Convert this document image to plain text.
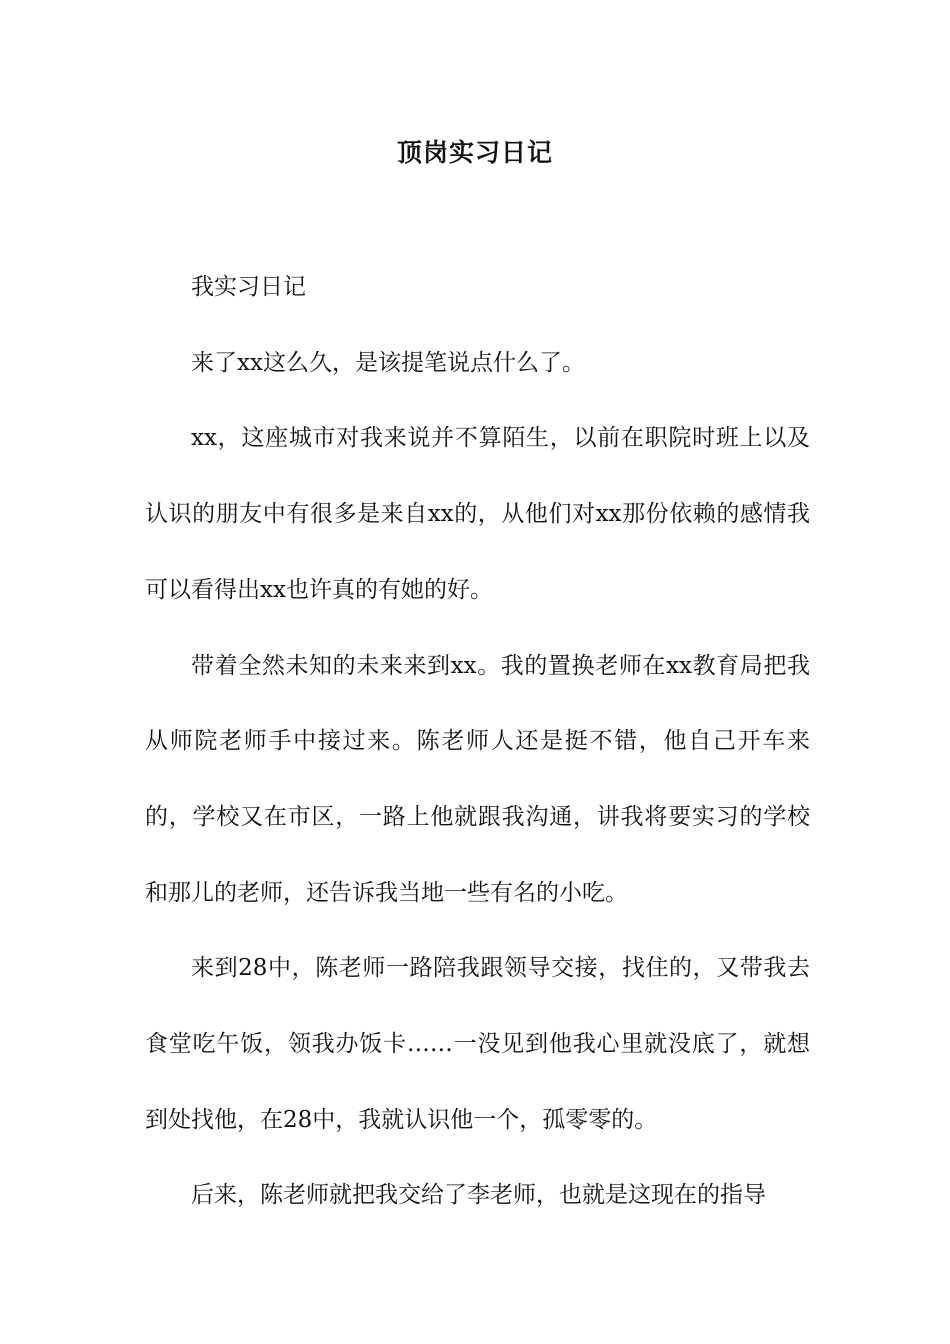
顶岗实习日记

我实习日记

来了xx这么久，是该提笔说点什么了。

xx，这座城市对我来说并不算陌生，以前在职院时班上以及认识的朋友中有很多是来自xx的，从他们对xx那份依赖的感情我可以看得出xx也许真的有她的好。

带着全然未知的未来来到xx。我的置换老师在xx教育局把我从师院老师手中接过来。陈老师人还是挺不错，他自己开车来的，学校又在市区，一路上他就跟我沟通，讲我将要实习的学校和那儿的老师，还告诉我当地一些有名的小吃。

来到28中，陈老师一路陪我跟领导交接，找住的，又带我去食堂吃午饭，领我办饭卡……一没见到他我心里就没底了，就想到处找他，在28中，我就认识他一个，孤零零的。

后来，陈老师就把我交给了李老师，也就是这现在的指导
